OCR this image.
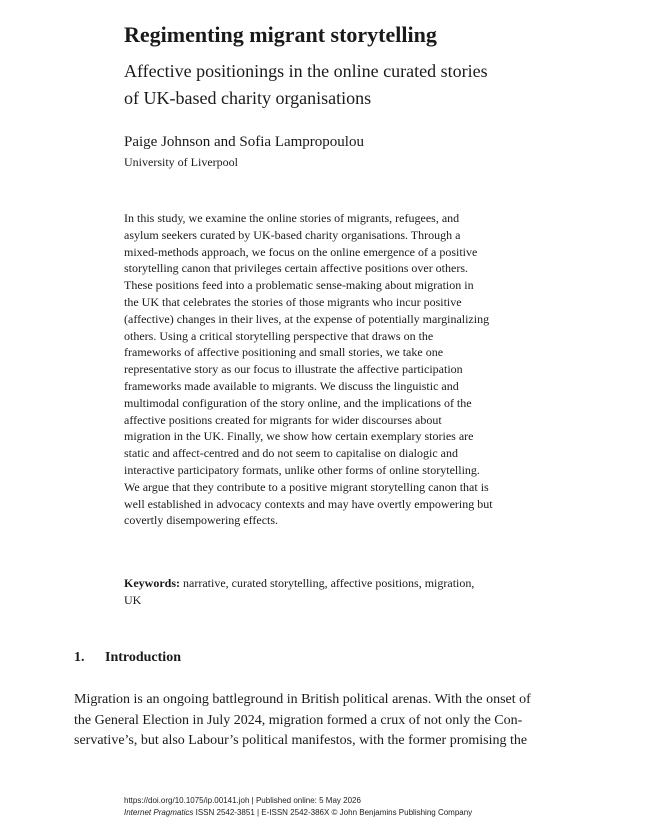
Regimenting migrant storytelling
Affective positionings in the online curated stories
of UK-based charity organisations
Paige Johnson and Sofia Lampropoulou
University of Liverpool
In this study, we examine the online stories of migrants, refugees, and
asylum seekers curated by UK-based charity organisations. Through a
mixed-methods approach, we focus on the online emergence of a positive
storytelling canon that privileges certain affective positions over others.
These positions feed into a problematic sense-making about migration in
the UK that celebrates the stories of those migrants who incur positive
(affective) changes in their lives, at the expense of potentially marginalizing
others. Using a critical storytelling perspective that draws on the
frameworks of affective positioning and small stories, we take one
representative story as our focus to illustrate the affective participation
frameworks made available to migrants. We discuss the linguistic and
multimodal configuration of the story online, and the implications of the
affective positions created for migrants for wider discourses about
migration in the UK. Finally, we show how certain exemplary stories are
static and affect-centred and do not seem to capitalise on dialogic and
interactive participatory formats, unlike other forms of online storytelling.
We argue that they contribute to a positive migrant storytelling canon that is
well established in advocacy contexts and may have overtly empowering but
covertly disempowering effects.
Keywords: narrative, curated storytelling, affective positions, migration,
UK
1. Introduction
Migration is an ongoing battleground in British political arenas. With the onset of
the General Election in July 2024, migration formed a crux of not only the Con-
servative’s, but also Labour’s political manifestos, with the former promising the
https://doi.org/10.1075/ip.00141.joh | Published online: 5 May 2026
Internet Pragmatics ISSN 2542-3851 | E-ISSN 2542-386X © John Benjamins Publishing Company
